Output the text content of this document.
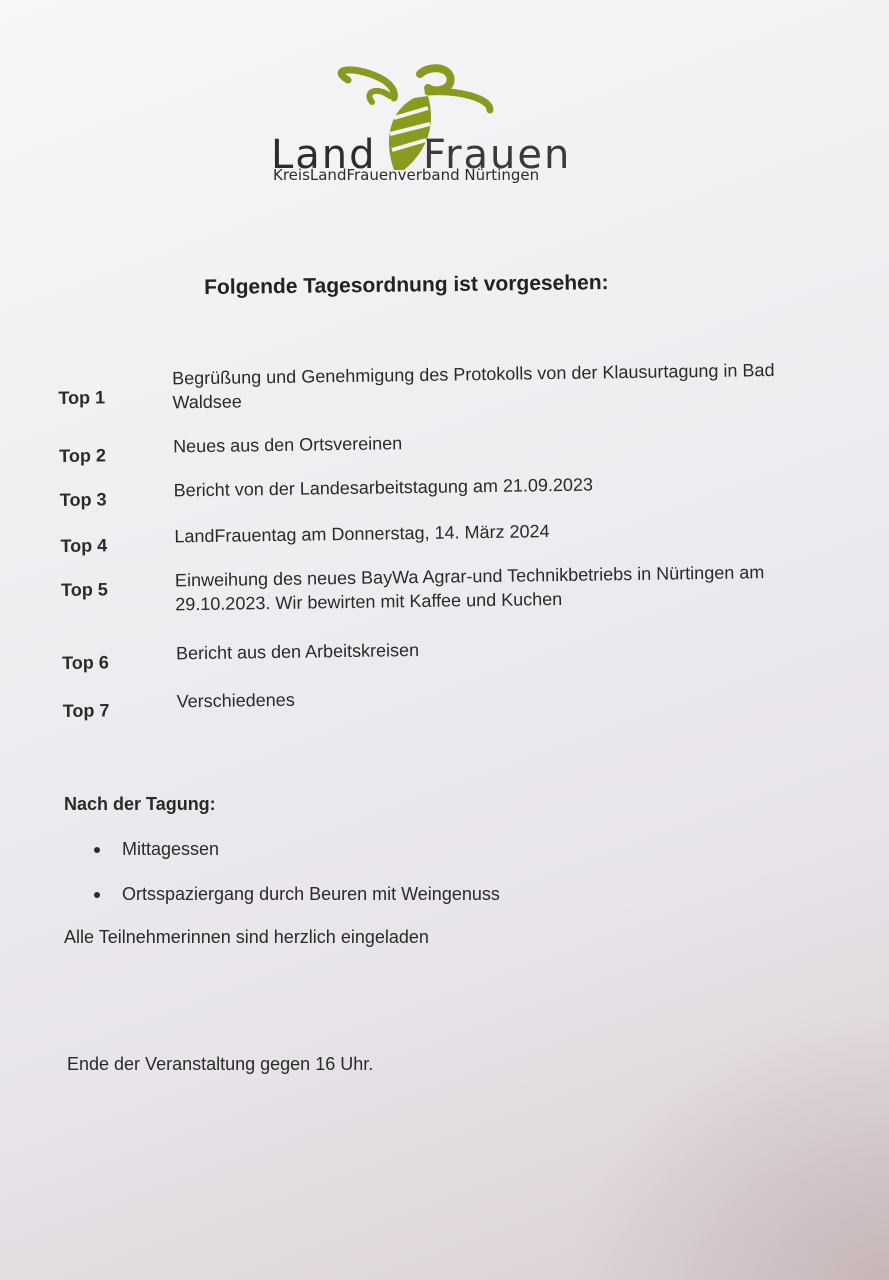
Land Frauen
KreisLandFrauenverband Nürtingen
Folgende Tagesordnung ist vorgesehen:
Top 1
Begrüßung und Genehmigung des Protokolls von der Klausurtagung in Bad Waldsee
Top 2	Neues aus den Ortsvereinen
Top 3	Bericht von der Landesarbeitstagung am 21.09.2023
Top 4	LandFrauentag am Donnerstag, 14. März 2024
Top 5	Einweihung des neues BayWa Agrar-und Technikbetriebs in Nürtingen am 29.10.2023. Wir bewirten mit Kaffee und Kuchen
Top 6	Bericht aus den Arbeitskreisen
Top 7	Verschiedenes
Nach der Tagung:
Mittagessen
Ortsspaziergang durch Beuren mit Weingenuss
Alle Teilnehmerinnen sind herzlich eingeladen
Ende der Veranstaltung gegen 16 Uhr.
